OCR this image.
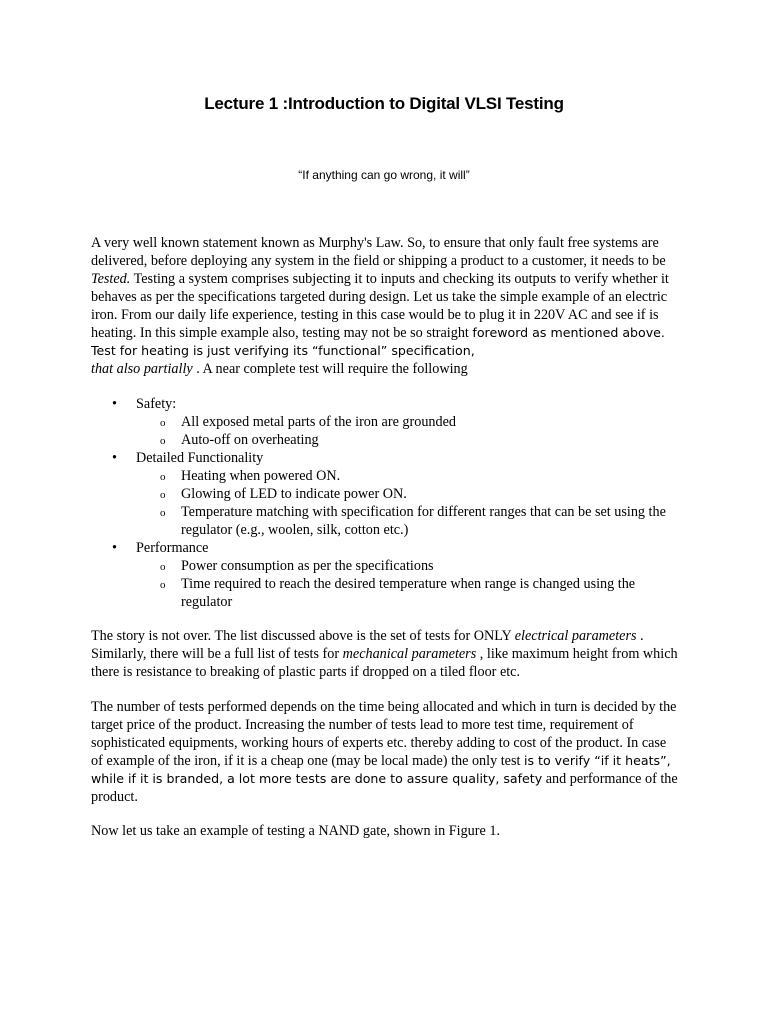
Lecture 1 :Introduction to Digital VLSI Testing
“If anything can go wrong, it will”

A very well known statement known as Murphy's Law. So, to ensure that only fault free systems are delivered, before deploying any system in the field or shipping a product to a customer, it needs to be Tested. Testing a system comprises subjecting it to inputs and checking its outputs to verify whether it behaves as per the specifications targeted during design. Let us take the simple example of an electric iron. From our daily life experience, testing in this case would be to plug it in 220V AC and see if is heating. In this simple example also, testing may not be so straight foreword as mentioned above. Test for heating is just verifying its “functional” specification,
that also partially . A near complete test will require the following

• Safety:
o All exposed metal parts of the iron are grounded
o Auto-off on overheating
• Detailed Functionality
o Heating when powered ON.
o Glowing of LED to indicate power ON.
o Temperature matching with specification for different ranges that can be set using the regulator (e.g., woolen, silk, cotton etc.)
• Performance
o Power consumption as per the specifications
o Time required to reach the desired temperature when range is changed using the regulator

The story is not over. The list discussed above is the set of tests for ONLY electrical parameters . Similarly, there will be a full list of tests for mechanical parameters , like maximum height from which there is resistance to breaking of plastic parts if dropped on a tiled floor etc.

The number of tests performed depends on the time being allocated and which in turn is decided by the target price of the product. Increasing the number of tests lead to more test time, requirement of sophisticated equipments, working hours of experts etc. thereby adding to cost of the product. In case of example of the iron, if it is a cheap one (may be local made) the only test is to verify “if it heats”, while if it is branded, a lot more tests are done to assure quality, safety and performance of the product.

Now let us take an example of testing a NAND gate, shown in Figure 1.
